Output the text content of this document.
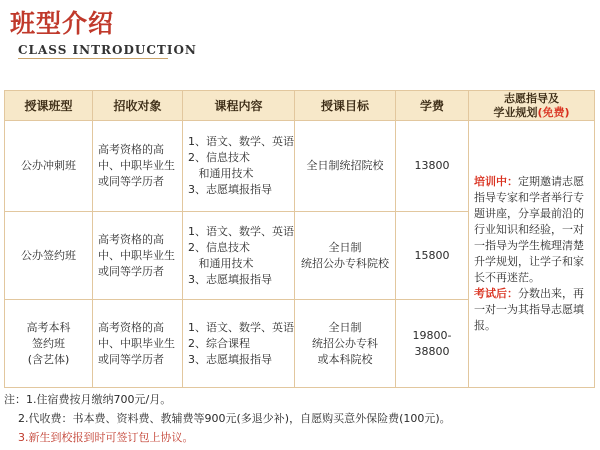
班型介绍
CLASS INTRODUCTION
授课班型	招收对象	课程内容	授课目标	学费	志愿指导及
学业规划(免费)

公办冲刺班	高考资格的高中、中职毕业生或同等学历者	1、语文、数学、英语
2、信息技术
和通用技术
3、志愿填报指导	全日制统招院校	13800	培训中：定期邀请志愿指导专家和学者举行专题讲座，分享最前沿的行业知识和经验，一对一指导为学生梳理清楚升学规划，让学子和家长不再迷茫。
考试后：分数出来，再一对一为其指导志愿填报。

公办签约班	高考资格的高中、中职毕业生或同等学历者	1、语文、数学、英语
2、信息技术
和通用技术
3、志愿填报指导	全日制
统招公办专科院校	15800	

高考本科
签约班
(含艺体)	高考资格的高中、中职毕业生或同等学历者	1、语文、数学、英语
2、综合课程
3、志愿填报指导	全日制
统招公办专科
或本科院校	19800-38800	
注：1.住宿费按月缴纳700元/月。
2.代收费：书本费、资料费、教辅费等900元(多退少补)，自愿购买意外保险费(100元)。
3.新生到校报到时可签订包上协议。
